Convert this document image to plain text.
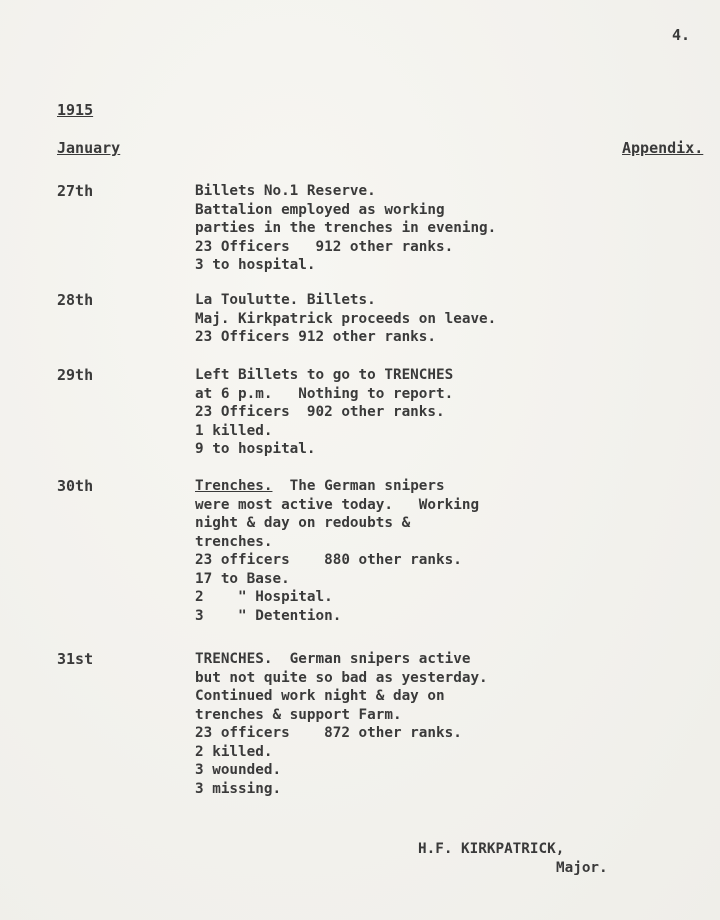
4.
1915
January	Appendix.
27th	Billets No.1 Reserve.
Battalion employed as working
parties in the trenches in evening.
23 Officers   912 other ranks.
3 to hospital.
28th	La Toulutte. Billets.
Maj. Kirkpatrick proceeds on leave.
23 Officers 912 other ranks.
29th	Left Billets to go to TRENCHES
at 6 p.m.   Nothing to report.
23 Officers  902 other ranks.
1 killed.
9 to hospital.
30th	Trenches.  The German snipers
were most active today.   Working
night & day on redoubts &
trenches.
23 officers    880 other ranks.
17 to Base.
2    " Hospital.
3    " Detention.
31st	TRENCHES.  German snipers active
but not quite so bad as yesterday.
Continued work night & day on
trenches & support Farm.
23 officers    872 other ranks.
2 killed.
3 wounded.
3 missing.
H.F. KIRKPATRICK,
Major.
